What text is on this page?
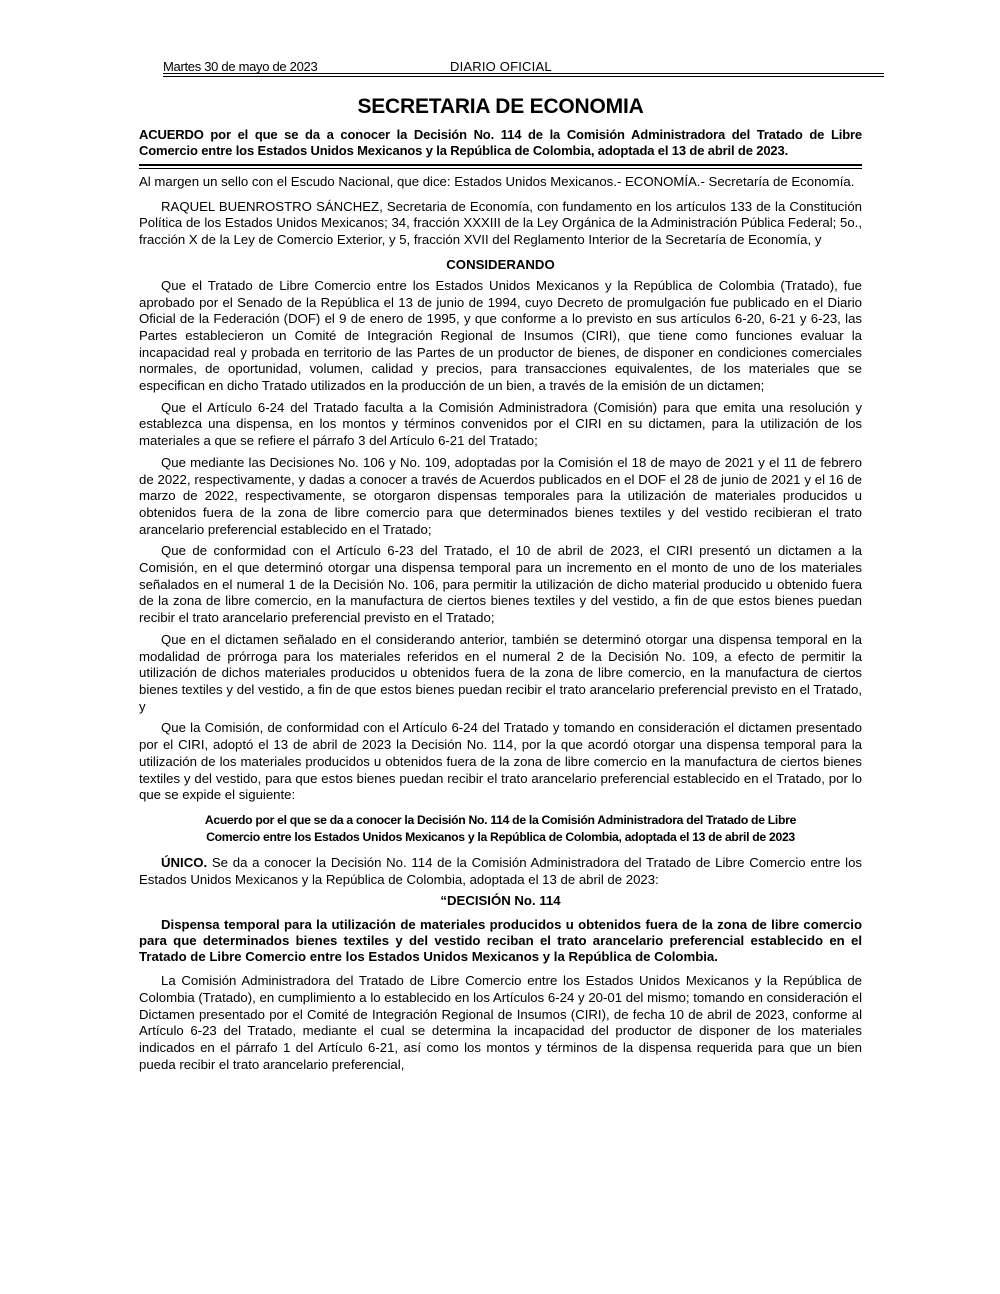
Martes 30 de mayo de 2023	DIARIO OFICIAL
SECRETARIA DE ECONOMIA
ACUERDO por el que se da a conocer la Decisión No. 114 de la Comisión Administradora del Tratado de Libre Comercio entre los Estados Unidos Mexicanos y la República de Colombia, adoptada el 13 de abril de 2023.

Al margen un sello con el Escudo Nacional, que dice: Estados Unidos Mexicanos.- ECONOMÍA.- Secretaría de Economía.

RAQUEL BUENROSTRO SÁNCHEZ, Secretaria de Economía, con fundamento en los artículos 133 de la Constitución Política de los Estados Unidos Mexicanos; 34, fracción XXXIII de la Ley Orgánica de la Administración Pública Federal; 5o., fracción X de la Ley de Comercio Exterior, y 5, fracción XVII del Reglamento Interior de la Secretaría de Economía, y

CONSIDERANDO

Que el Tratado de Libre Comercio entre los Estados Unidos Mexicanos y la República de Colombia (Tratado), fue aprobado por el Senado de la República el 13 de junio de 1994, cuyo Decreto de promulgación fue publicado en el Diario Oficial de la Federación (DOF) el 9 de enero de 1995, y que conforme a lo previsto en sus artículos 6-20, 6-21 y 6-23, las Partes establecieron un Comité de Integración Regional de Insumos (CIRI), que tiene como funciones evaluar la incapacidad real y probada en territorio de las Partes de un productor de bienes, de disponer en condiciones comerciales normales, de oportunidad, volumen, calidad y precios, para transacciones equivalentes, de los materiales que se especifican en dicho Tratado utilizados en la producción de un bien, a través de la emisión de un dictamen;

Que el Artículo 6-24 del Tratado faculta a la Comisión Administradora (Comisión) para que emita una resolución y establezca una dispensa, en los montos y términos convenidos por el CIRI en su dictamen, para la utilización de los materiales a que se refiere el párrafo 3 del Artículo 6-21 del Tratado;

Que mediante las Decisiones No. 106 y No. 109, adoptadas por la Comisión el 18 de mayo de 2021 y el 11 de febrero de 2022, respectivamente, y dadas a conocer a través de Acuerdos publicados en el DOF el 28 de junio de 2021 y el 16 de marzo de 2022, respectivamente, se otorgaron dispensas temporales para la utilización de materiales producidos u obtenidos fuera de la zona de libre comercio para que determinados bienes textiles y del vestido recibieran el trato arancelario preferencial establecido en el Tratado;

Que de conformidad con el Artículo 6-23 del Tratado, el 10 de abril de 2023, el CIRI presentó un dictamen a la Comisión, en el que determinó otorgar una dispensa temporal para un incremento en el monto de uno de los materiales señalados en el numeral 1 de la Decisión No. 106, para permitir la utilización de dicho material producido u obtenido fuera de la zona de libre comercio, en la manufactura de ciertos bienes textiles y del vestido, a fin de que estos bienes puedan recibir el trato arancelario preferencial previsto en el Tratado;

Que en el dictamen señalado en el considerando anterior, también se determinó otorgar una dispensa temporal en la modalidad de prórroga para los materiales referidos en el numeral 2 de la Decisión No. 109, a efecto de permitir la utilización de dichos materiales producidos u obtenidos fuera de la zona de libre comercio, en la manufactura de ciertos bienes textiles y del vestido, a fin de que estos bienes puedan recibir el trato arancelario preferencial previsto en el Tratado, y

Que la Comisión, de conformidad con el Artículo 6-24 del Tratado y tomando en consideración el dictamen presentado por el CIRI, adoptó el 13 de abril de 2023 la Decisión No. 114, por la que acordó otorgar una dispensa temporal para la utilización de los materiales producidos u obtenidos fuera de la zona de libre comercio en la manufactura de ciertos bienes textiles y del vestido, para que estos bienes puedan recibir el trato arancelario preferencial establecido en el Tratado, por lo que se expide el siguiente:

Acuerdo por el que se da a conocer la Decisión No. 114 de la Comisión Administradora del Tratado de Libre
Comercio entre los Estados Unidos Mexicanos y la República de Colombia, adoptada el 13 de abril de 2023

ÚNICO. Se da a conocer la Decisión No. 114 de la Comisión Administradora del Tratado de Libre Comercio entre los Estados Unidos Mexicanos y la República de Colombia, adoptada el 13 de abril de 2023:

“DECISIÓN No. 114
Dispensa temporal para la utilización de materiales producidos u obtenidos fuera de la zona de libre comercio para que determinados bienes textiles y del vestido reciban el trato arancelario preferencial establecido en el Tratado de Libre Comercio entre los Estados Unidos Mexicanos y la República de Colombia.

La Comisión Administradora del Tratado de Libre Comercio entre los Estados Unidos Mexicanos y la República de Colombia (Tratado), en cumplimiento a lo establecido en los Artículos 6-24 y 20-01 del mismo; tomando en consideración el Dictamen presentado por el Comité de Integración Regional de Insumos (CIRI), de fecha 10 de abril de 2023, conforme al Artículo 6-23 del Tratado, mediante el cual se determina la incapacidad del productor de disponer de los materiales indicados en el párrafo 1 del Artículo 6-21, así como los montos y términos de la dispensa requerida para que un bien pueda recibir el trato arancelario preferencial,
